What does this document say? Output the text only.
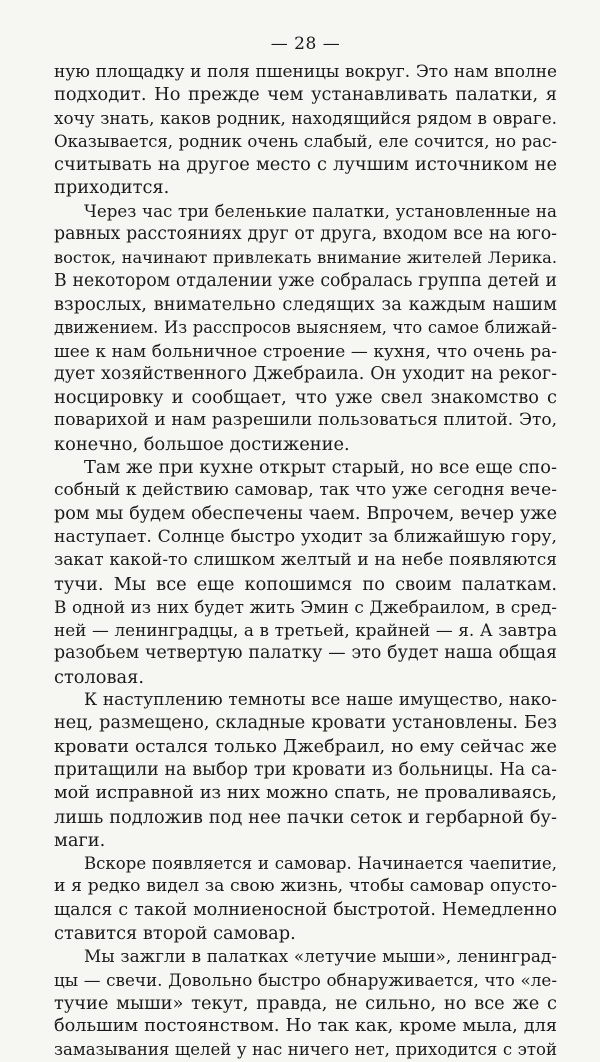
— 28 —
ную площадку и поля пшеницы вокруг. Это нам вполне
подходит. Но прежде чем устанавливать палатки, я
хочу знать, каков родник, находящийся рядом в овраге.
Оказывается, родник очень слабый, еле сочится, но рас-
считывать на другое место с лучшим источником не
приходится.
Через час три беленькие палатки, установленные на
равных расстояниях друг от друга, входом все на юго-
восток, начинают привлекать внимание жителей Лерика.
В некотором отдалении уже собралась группа детей и
взрослых, внимательно следящих за каждым нашим
движением. Из расспросов выясняем, что самое ближай-
шее к нам больничное строение — кухня, что очень ра-
дует хозяйственного Джебраила. Он уходит на реког-
носцировку и сообщает, что уже свел знакомство с
поварихой и нам разрешили пользоваться плитой. Это,
конечно, большое достижение.
Там же при кухне открыт старый, но все еще спо-
собный к действию самовар, так что уже сегодня вече-
ром мы будем обеспечены чаем. Впрочем, вечер уже
наступает. Солнце быстро уходит за ближайшую гору,
закат какой-то слишком желтый и на небе появляются
тучи. Мы все еще копошимся по своим палаткам.
В одной из них будет жить Эмин с Джебраилом, в сред-
ней — ленинградцы, а в третьей, крайней — я. А завтра
разобьем четвертую палатку — это будет наша общая
столовая.
К наступлению темноты все наше имущество, нако-
нец, размещено, складные кровати установлены. Без
кровати остался только Джебраил, но ему сейчас же
притащили на выбор три кровати из больницы. На са-
мой исправной из них можно спать, не проваливаясь,
лишь подложив под нее пачки сеток и гербарной бу-
маги.
Вскоре появляется и самовар. Начинается чаепитие,
и я редко видел за свою жизнь, чтобы самовар опусто-
щался с такой молниеносной быстротой. Немедленно
ставится второй самовар.
Мы зажгли в палатках «летучие мыши», ленинград-
цы — свечи. Довольно быстро обнаруживается, что «ле-
тучие мыши» текут, правда, не сильно, но все же с
большим постоянством. Но так как, кроме мыла, для
замазывания щелей у нас ничего нет, приходится с этой
